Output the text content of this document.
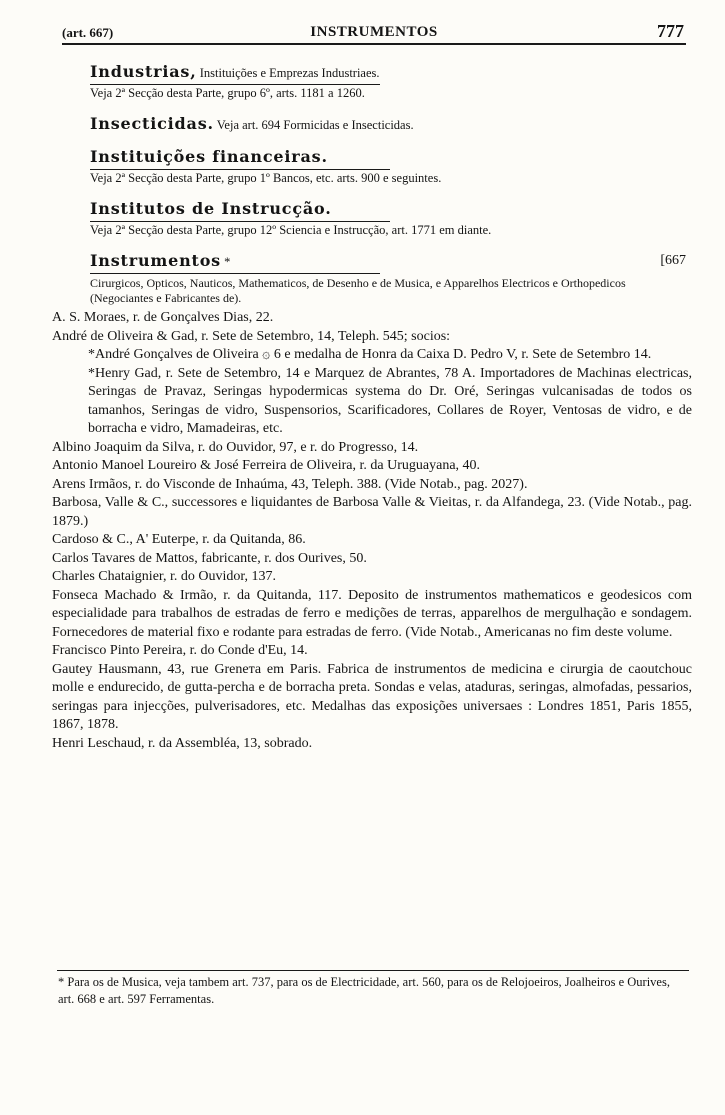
(art. 667)	INSTRUMENTOS	777
Industrias, Instituições e Emprezas Industriaes.
Veja 2ª Secção desta Parte, grupo 6º, arts. 1181 a 1260.
Insecticidas. Veja art. 694 Formicidas e Insecticidas.
Instituições financeiras.
Veja 2ª Secção desta Parte, grupo 1º Bancos, etc. arts. 900 e seguintes.
Institutos de Instrucção.
Veja 2ª Secção desta Parte, grupo 12º Sciencia e Instrucção, art. 1771 em diante.
Instrumentos *	[667
Cirurgicos, Opticos, Nauticos, Mathematicos, de Desenho e de Musica, e Apparelhos Electricos e Orthopedicos (Negociantes e Fabricantes de).
A. S. Moraes, r. de Gonçalves Dias, 22.
André de Oliveira & Gad, r. Sete de Setembro, 14, Teleph. 545; socios:
*André Gonçalves de Oliveira ۞ 6 e medalha de Honra da Caixa D. Pedro V, r. Sete de Setembro 14.
*Henry Gad, r. Sete de Setembro, 14 e Marquez de Abrantes, 78 A. Importadores de Machinas electricas, Seringas de Pravaz, Seringas hypodermicas systema do Dr. Oré, Seringas vulcanisadas de todos os tamanhos, Seringas de vidro, Suspensorios, Scarificadores, Collares de Royer, Ventosas de vidro, e de borracha e vidro, Mamadeiras, etc.
Albino Joaquim da Silva, r. do Ouvidor, 97, e r. do Progresso, 14.
Antonio Manoel Loureiro & José Ferreira de Oliveira, r. da Uruguayana, 40.
Arens Irmãos, r. do Visconde de Inhaúma, 43, Teleph. 388. (Vide Notab., pag. 2027).
Barbosa, Valle & C., successores e liquidantes de Barbosa Valle & Vieitas, r. da Alfandega, 23. (Vide Notab., pag. 1879.)
Cardoso & C., A' Euterpe, r. da Quitanda, 86.
Carlos Tavares de Mattos, fabricante, r. dos Ourives, 50.
Charles Chataignier, r. do Ouvidor, 137.
Fonseca Machado & Irmão, r. da Quitanda, 117. Deposito de instrumentos mathematicos e geodesicos com especialidade para trabalhos de estradas de ferro e medições de terras, apparelhos de mergulhação e sondagem. Fornecedores de material fixo e rodante para estradas de ferro. (Vide Notab., Americanas no fim deste volume.
Francisco Pinto Pereira, r. do Conde d'Eu, 14.
Gautey Hausmann, 43, rue Grenета em Paris. Fabrica de instrumentos de medicina e cirurgia de caoutchouc molle e endurecido, de gutta-percha e de borracha preta. Sondas e velas, ataduras, seringas, almofadas, pessarios, seringas para injecções, pulverisadores, etc. Medalhas das exposições universaes : Londres 1851, Paris 1855, 1867, 1878.
Henri Leschaud, r. da Assembléa, 13, sobrado.
* Para os de Musica, veja tambem art. 737, para os de Electricidade, art. 560, para os de Relojoeiros, Joalheiros e Ourives, art. 668 e art. 597 Ferramentas.
